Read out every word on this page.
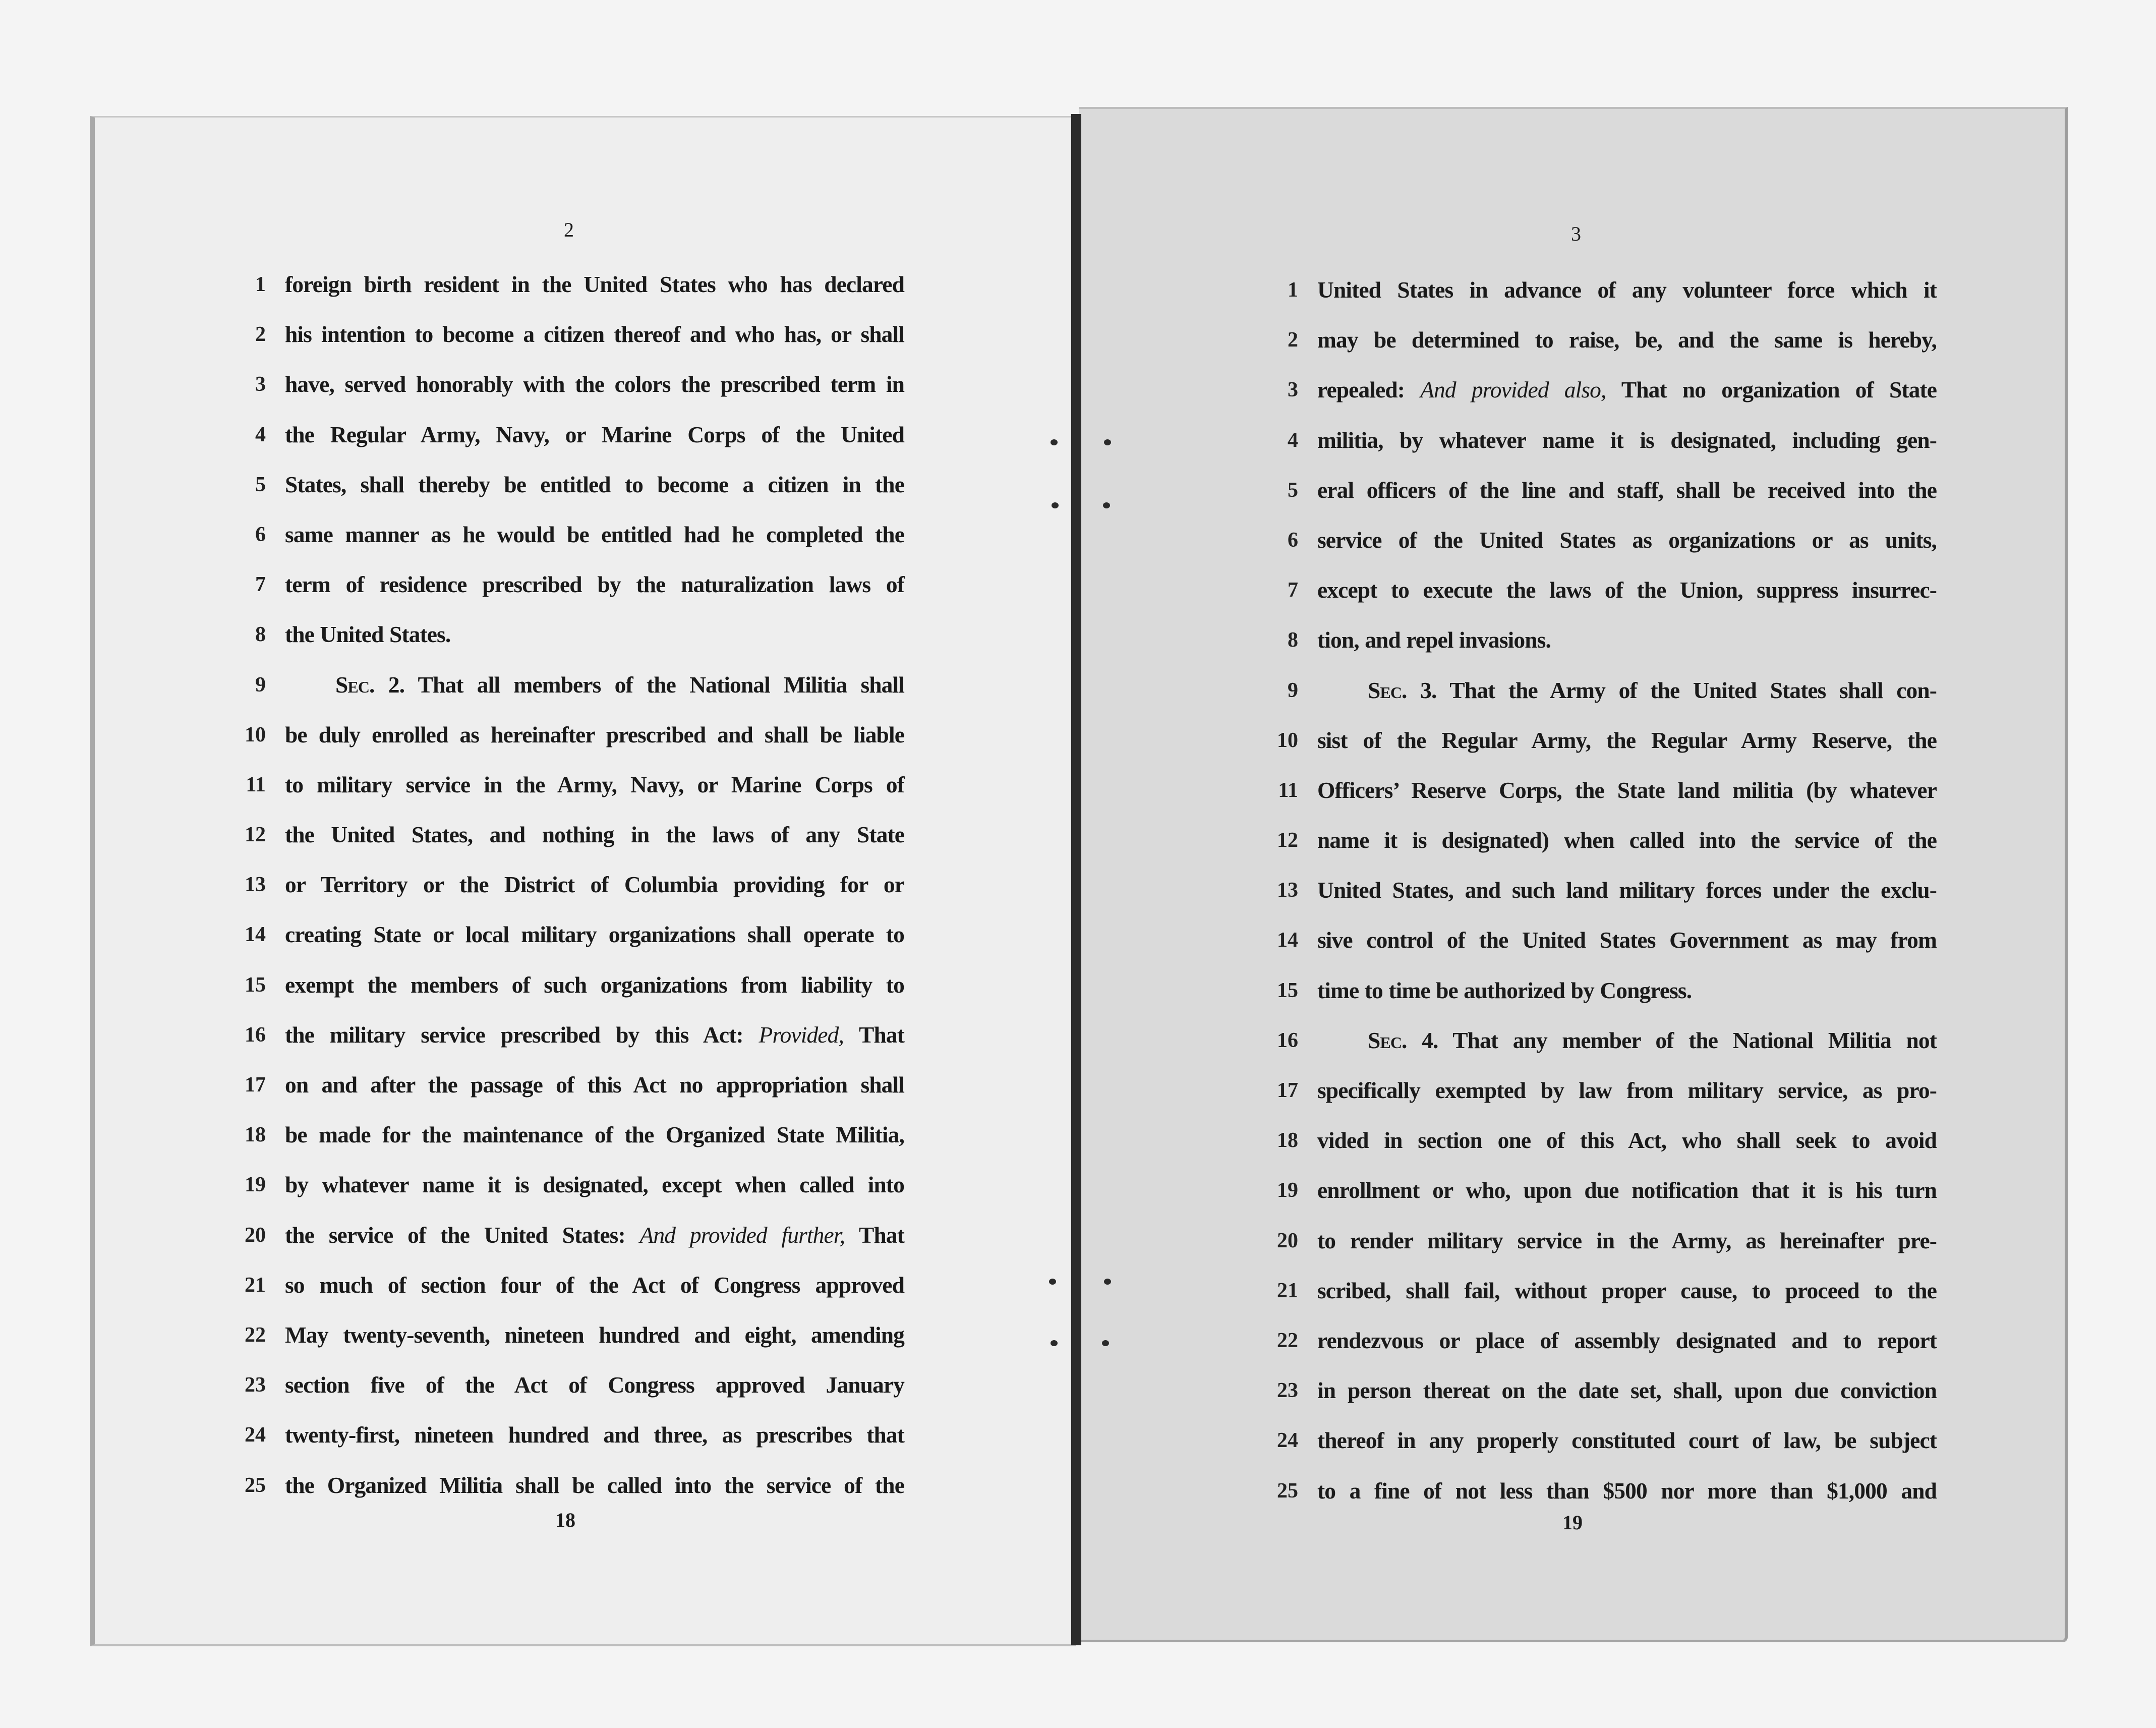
2
18
3
19
1 foreign birth resident in the United States who has declared
2 his intention to become a citizen thereof and who has, or shall
3 have, served honorably with the colors the prescribed term in
4 the Regular Army, Navy, or Marine Corps of the United
5 States, shall thereby be entitled to become a citizen in the
6 same manner as he would be entitled had he completed the
7 term of residence prescribed by the naturalization laws of
8 the United States.
9	Sec. 2. That all members of the National Militia shall
10 be duly enrolled as hereinafter prescribed and shall be liable
11 to military service in the Army, Navy, or Marine Corps of
12 the United States, and nothing in the laws of any State
13 or Territory or the District of Columbia providing for or
14 creating State or local military organizations shall operate to
15 exempt the members of such organizations from liability to
16 the military service prescribed by this Act: Provided, That
17 on and after the passage of this Act no appropriation shall
18 be made for the maintenance of the Organized State Militia,
19 by whatever name it is designated, except when called into
20 the service of the United States: And provided further, That
21 so much of section four of the Act of Congress approved
22 May twenty-seventh, nineteen hundred and eight, amending
23 section five of the Act of Congress approved January
24 twenty-first, nineteen hundred and three, as prescribes that
25 the Organized Militia shall be called into the service of the
1 United States in advance of any volunteer force which it
2 may be determined to raise, be, and the same is hereby,
3 repealed: And provided also, That no organization of State
4 militia, by whatever name it is designated, including gen-
5 eral officers of the line and staff, shall be received into the
6 service of the United States as organizations or as units,
7 except to execute the laws of the Union, suppress insurrec-
8 tion, and repel invasions.
9	Sec. 3. That the Army of the United States shall con-
10 sist of the Regular Army, the Regular Army Reserve, the
11 Officers’ Reserve Corps, the State land militia (by whatever
12 name it is designated) when called into the service of the
13 United States, and such land military forces under the exclu-
14 sive control of the United States Government as may from
15 time to time be authorized by Congress.
16	Sec. 4. That any member of the National Militia not
17 specifically exempted by law from military service, as pro-
18 vided in section one of this Act, who shall seek to avoid
19 enrollment or who, upon due notification that it is his turn
20 to render military service in the Army, as hereinafter pre-
21 scribed, shall fail, without proper cause, to proceed to the
22 rendezvous or place of assembly designated and to report
23 in person thereat on the date set, shall, upon due conviction
24 thereof in any properly constituted court of law, be subject
25 to a fine of not less than $500 nor more than $1,000 and
